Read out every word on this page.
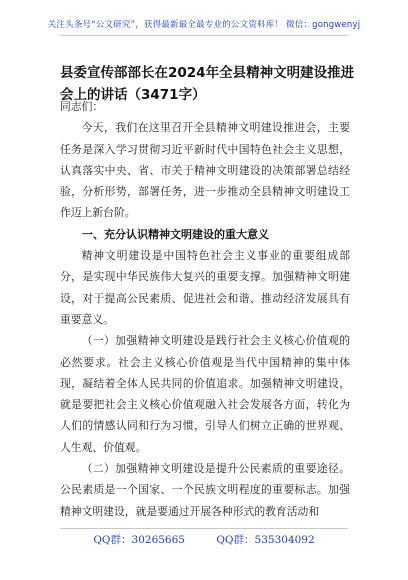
关注头条号“公文研究”，获得最新最全最专业的公文资料库！ 微信：gongwenyj
县委宣传部部长在2024年全县精神文明建设推进会上的讲话（3471字）

同志们：

今天，我们在这里召开全县精神文明建设推进会，主要任务是深入学习贯彻习近平新时代中国特色社会主义思想，认真落实中央、省、市关于精神文明建设的决策部署总结经验，分析形势，部署任务，进一步推动全县精神文明建设工作迈上新台阶。

一、充分认识精神文明建设的重大意义

精神文明建设是中国特色社会主义事业的重要组成部分，是实现中华民族伟大复兴的重要支撑。加强精神文明建设，对于提高公民素质、促进社会和谐、推动经济发展具有重要意义。

（一）加强精神文明建设是践行社会主义核心价值观的必然要求。社会主义核心价值观是当代中国精神的集中体现，凝结着全体人民共同的价值追求。加强精神文明建设，就是要把社会主义核心价值观融入社会发展各方面，转化为人们的情感认同和行为习惯，引导人们树立正确的世界观、人生观、价值观。

（二）加强精神文明建设是提升公民素质的重要途径。公民素质是一个国家、一个民族文明程度的重要标志。加强精神文明建设，就是要通过开展各种形式的教育活动和

QQ群：30265665	QQ群：535304092
